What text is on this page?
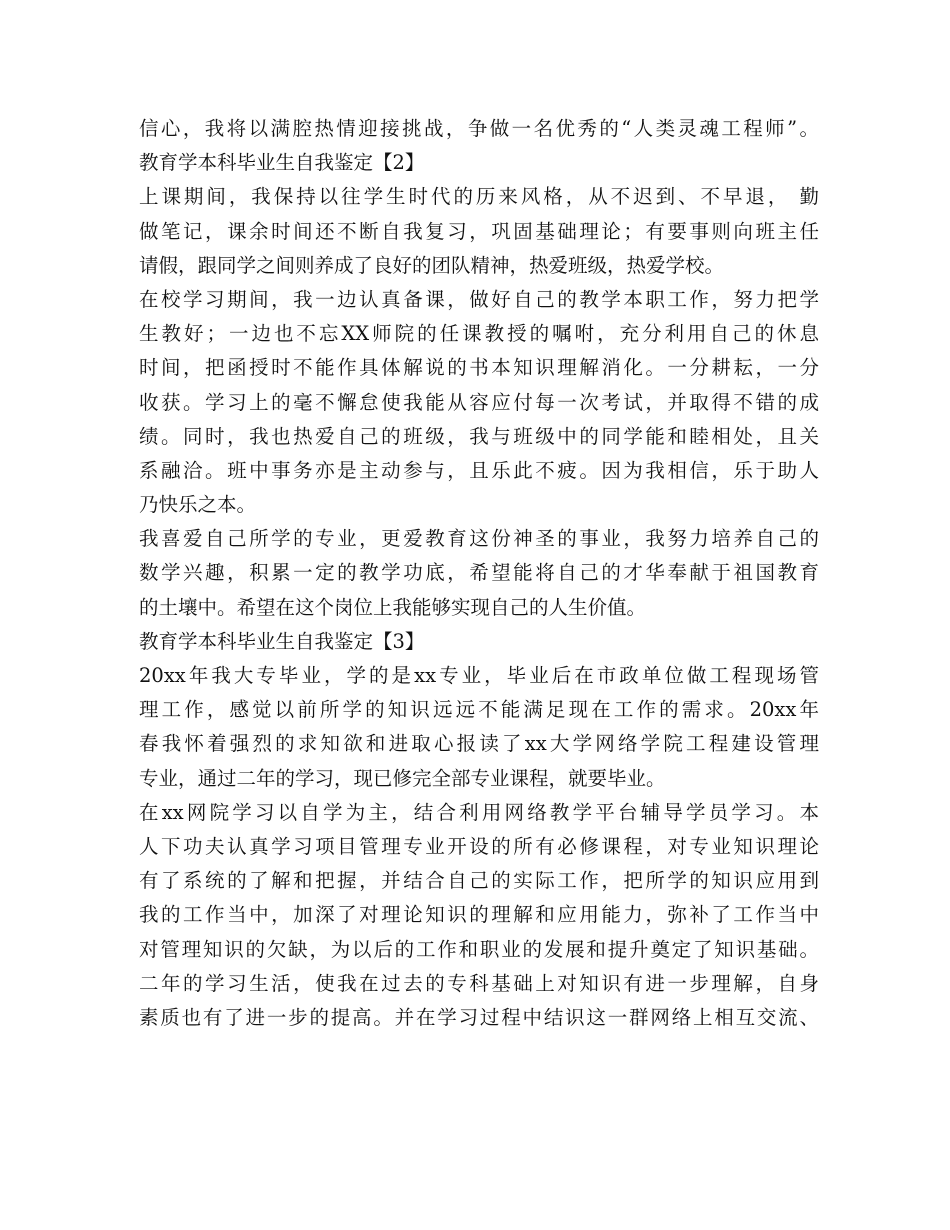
信心，我将以满腔热情迎接挑战，争做一名优秀的“人类灵魂工程师”。
教育学本科毕业生自我鉴定【2】
上课期间，我保持以往学生时代的历来风格，从不迟到、不早退， 勤
做笔记，课余时间还不断自我复习，巩固基础理论；有要事则向班主任
请假，跟同学之间则养成了良好的团队精神，热爱班级，热爱学校。
在校学习期间，我一边认真备课，做好自己的教学本职工作，努力把学
生教好；一边也不忘XX师院的任课教授的嘱咐，充分利用自己的休息
时间，把函授时不能作具体解说的书本知识理解消化。一分耕耘，一分
收获。学习上的毫不懈怠使我能从容应付每一次考试，并取得不错的成
绩。同时，我也热爱自己的班级，我与班级中的同学能和睦相处，且关
系融洽。班中事务亦是主动参与，且乐此不疲。因为我相信，乐于助人
乃快乐之本。
我喜爱自己所学的专业，更爱教育这份神圣的事业，我努力培养自己的
数学兴趣，积累一定的教学功底，希望能将自己的才华奉献于祖国教育
的土壤中。希望在这个岗位上我能够实现自己的人生价值。
教育学本科毕业生自我鉴定【3】
20xx年我大专毕业，学的是xx专业，毕业后在市政单位做工程现场管
理工作，感觉以前所学的知识远远不能满足现在工作的需求。20xx年
春我怀着强烈的求知欲和进取心报读了xx大学网络学院工程建设管理
专业，通过二年的学习，现已修完全部专业课程，就要毕业。
在xx网院学习以自学为主，结合利用网络教学平台辅导学员学习。本
人下功夫认真学习项目管理专业开设的所有必修课程，对专业知识理论
有了系统的了解和把握，并结合自己的实际工作，把所学的知识应用到
我的工作当中，加深了对理论知识的理解和应用能力，弥补了工作当中
对管理知识的欠缺，为以后的工作和职业的发展和提升奠定了知识基础。
二年的学习生活，使我在过去的专科基础上对知识有进一步理解，自身
素质也有了进一步的提高。并在学习过程中结识这一群网络上相互交流、
